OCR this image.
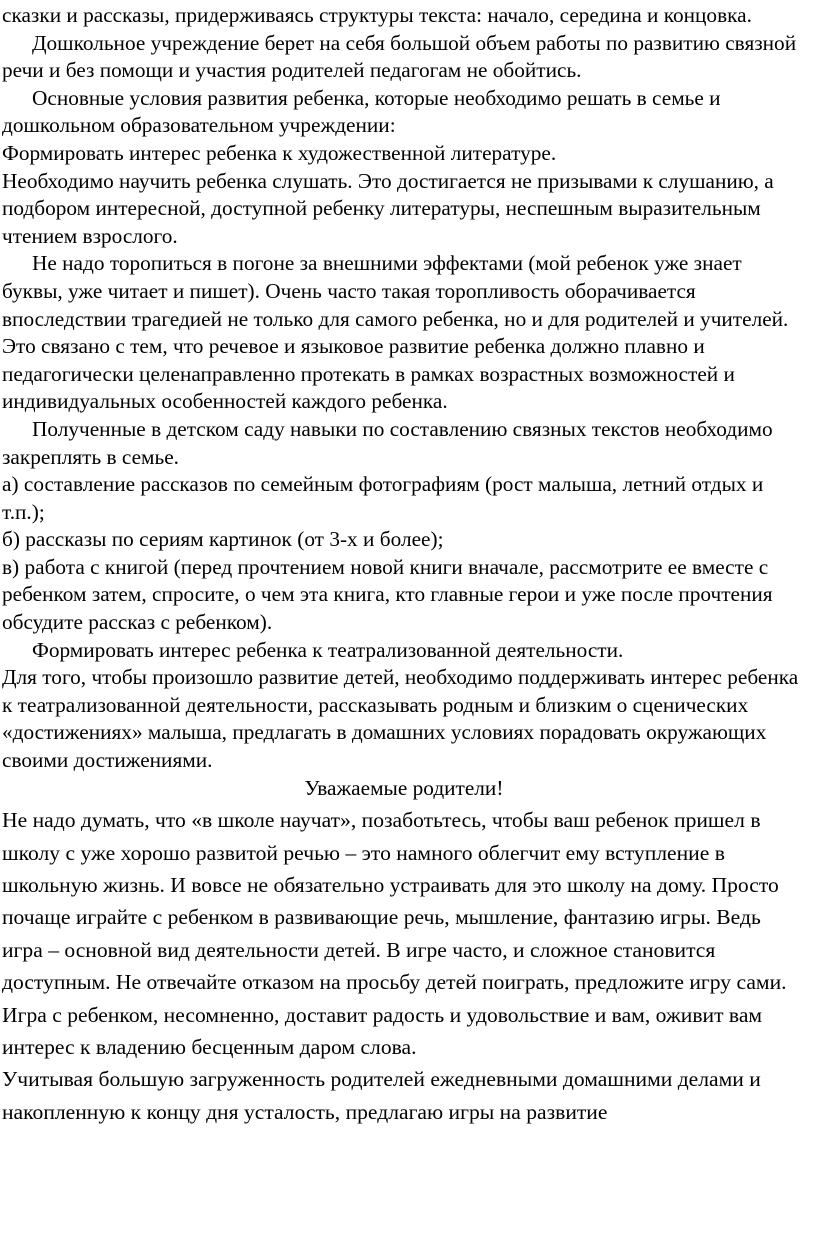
сказки и рассказы, придерживаясь структуры текста: начало, середина и концовка.

Дошкольное учреждение берет на себя большой объем работы по развитию связной речи и без помощи и участия родителей педагогам не обойтись.

Основные условия развития ребенка, которые необходимо решать в семье и дошкольном образовательном учреждении:

Формировать интерес ребенка к художественной литературе.

Необходимо научить ребенка слушать. Это достигается не призывами к слушанию, а подбором интересной, доступной ребенку литературы, неспешным выразительным чтением взрослого.

Не надо торопиться в погоне за внешними эффектами (мой ребенок уже знает буквы, уже читает и пишет). Очень часто такая торопливость оборачивается впоследствии трагедией не только для самого ребенка, но и для родителей и учителей. Это связано с тем, что речевое и языковое развитие ребенка должно плавно и педагогически целенаправленно протекать в рамках возрастных возможностей и индивидуальных особенностей каждого ребенка.

Полученные в детском саду навыки по составлению связных текстов необходимо закреплять в семье.

а) составление рассказов по семейным фотографиям (рост малыша, летний отдых и т.п.);

б) рассказы по сериям картинок (от 3-х и более);

в) работа с книгой (перед прочтением новой книги вначале, рассмотрите ее вместе с ребенком затем, спросите, о чем эта книга, кто главные герои и уже после прочтения обсудите рассказ с ребенком).

Формировать интерес ребенка к театрализованной деятельности.

Для того, чтобы произошло развитие детей, необходимо поддерживать интерес ребенка к театрализованной деятельности, рассказывать родным и близким о сценических «достижениях» малыша, предлагать в домашних условиях порадовать окружающих своими достижениями.

Уважаемые родители!

Не надо думать, что «в школе научат», позаботьтесь, чтобы ваш ребенок пришел в школу с уже хорошо развитой речью – это намного облегчит ему вступление в школьную жизнь. И вовсе не обязательно устраивать для это школу на дому. Просто почаще играйте с ребенком в развивающие речь, мышление, фантазию игры. Ведь игра – основной вид деятельности детей. В игре часто, и сложное становится доступным. Не отвечайте отказом на просьбу детей поиграть, предложите игру сами. Игра с ребенком, несомненно, доставит радость и удовольствие и вам, оживит вам интерес к владению бесценным даром слова.

Учитывая большую загруженность родителей ежедневными домашними делами и накопленную к концу дня усталость, предлагаю игры на развитие
